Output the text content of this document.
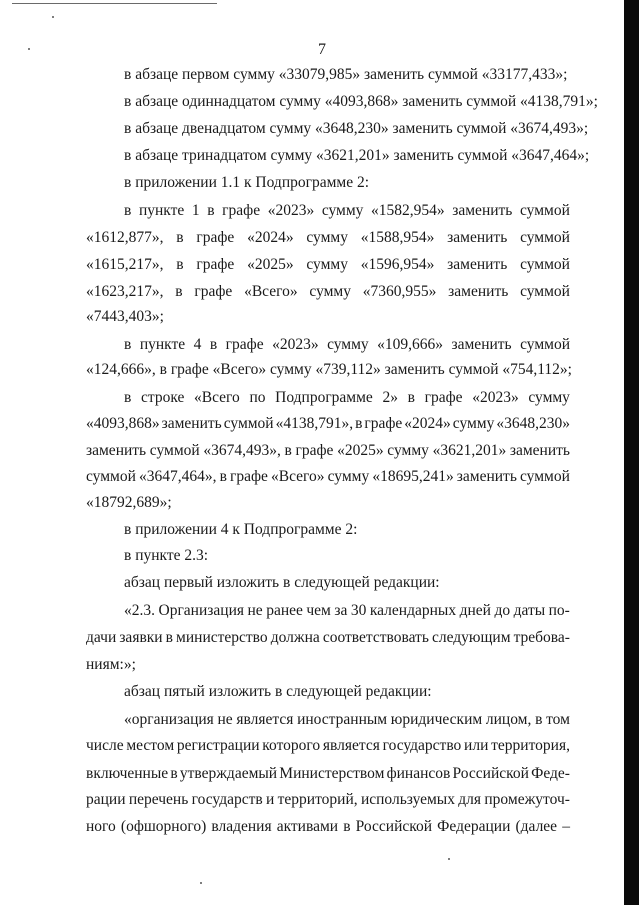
7
в абзаце первом сумму «33079,985» заменить суммой «33177,433»;
в абзаце одиннадцатом сумму «4093,868» заменить суммой «4138,791»;
в абзаце двенадцатом сумму «3648,230» заменить суммой «3674,493»;
в абзаце тринадцатом сумму «3621,201» заменить суммой «3647,464»;
в приложении 1.1 к Подпрограмме 2:
в пункте 1 в графе «2023» сумму «1582,954» заменить суммой
«1612,877», в графе «2024» сумму «1588,954» заменить суммой
«1615,217», в графе «2025» сумму «1596,954» заменить суммой
«1623,217», в графе «Всего» сумму «7360,955» заменить суммой
«7443,403»;
в пункте 4 в графе «2023» сумму «109,666» заменить суммой
«124,666», в графе «Всего» сумму «739,112» заменить суммой «754,112»;
в строке «Всего по Подпрограмме 2» в графе «2023» сумму
«4093,868» заменить суммой «4138,791», в графе «2024» сумму «3648,230»
заменить суммой «3674,493», в графе «2025» сумму «3621,201» заменить
суммой «3647,464», в графе «Всего» сумму «18695,241» заменить суммой
«18792,689»;
в приложении 4 к Подпрограмме 2:
в пункте 2.3:
абзац первый изложить в следующей редакции:
«2.3. Организация не ранее чем за 30 календарных дней до даты по-
дачи заявки в министерство должна соответствовать следующим требова-
ниям:»;
абзац пятый изложить в следующей редакции:
«организация не является иностранным юридическим лицом, в том
числе местом регистрации которого является государство или территория,
включенные в утверждаемый Министерством финансов Российской Феде-
рации перечень государств и территорий, используемых для промежуточ-
ного (офшорного) владения активами в Российской Федерации (далее –
